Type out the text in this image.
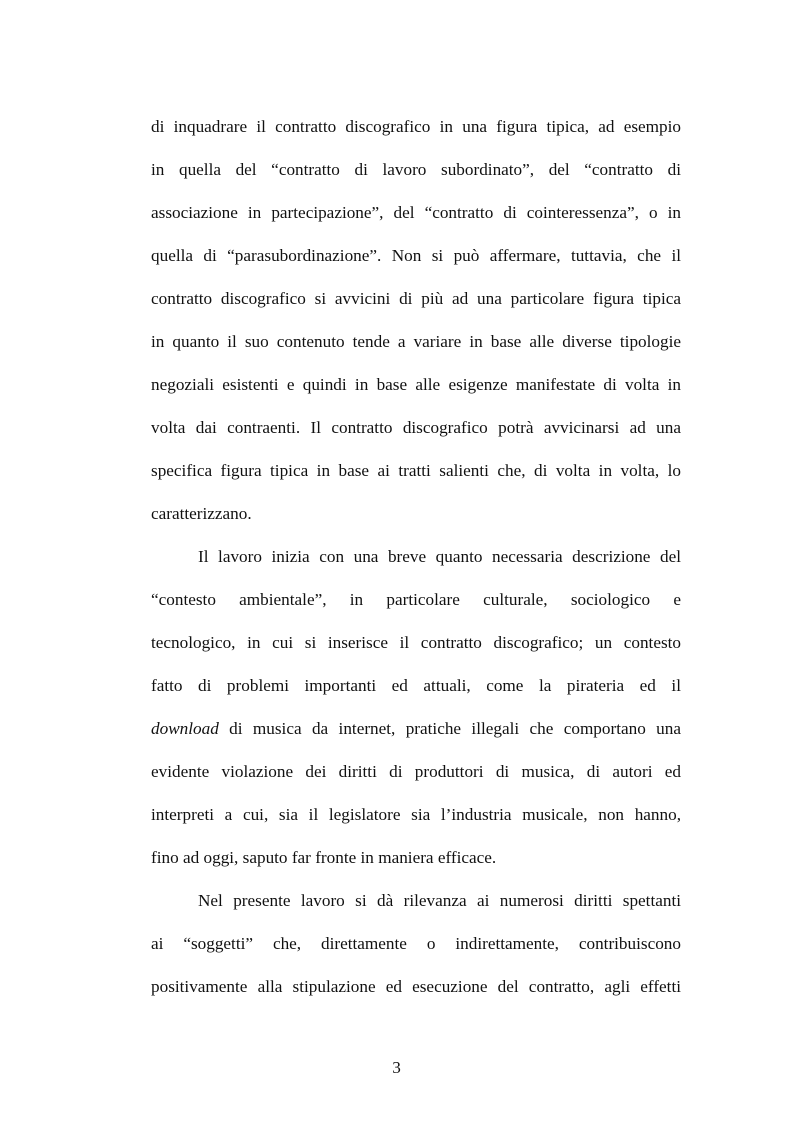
di inquadrare il contratto discografico in una figura tipica, ad esempio
in quella del “contratto di lavoro subordinato”, del “contratto di
associazione in partecipazione”, del “contratto di cointeressenza”, o in
quella di “parasubordinazione”. Non si può affermare, tuttavia, che il
contratto discografico si avvicini di più ad una particolare figura tipica
in quanto il suo contenuto tende a variare in base alle diverse tipologie
negoziali esistenti e quindi in base alle esigenze manifestate di volta in
volta dai contraenti. Il contratto discografico potrà avvicinarsi ad una
specifica figura tipica in base ai tratti salienti che, di volta in volta, lo
caratterizzano.
Il lavoro inizia con una breve quanto necessaria descrizione del
“contesto ambientale”, in particolare culturale, sociologico e
tecnologico, in cui si inserisce il contratto discografico; un contesto
fatto di problemi importanti ed attuali, come la pirateria ed il
download di musica da internet, pratiche illegali che comportano una
evidente violazione dei diritti di produttori di musica, di autori ed
interpreti a cui, sia il legislatore sia l’industria musicale, non hanno,
fino ad oggi, saputo far fronte in maniera efficace.
Nel presente lavoro si dà rilevanza ai numerosi diritti spettanti
ai “soggetti” che, direttamente o indirettamente, contribuiscono
positivamente alla stipulazione ed esecuzione del contratto, agli effetti
3
